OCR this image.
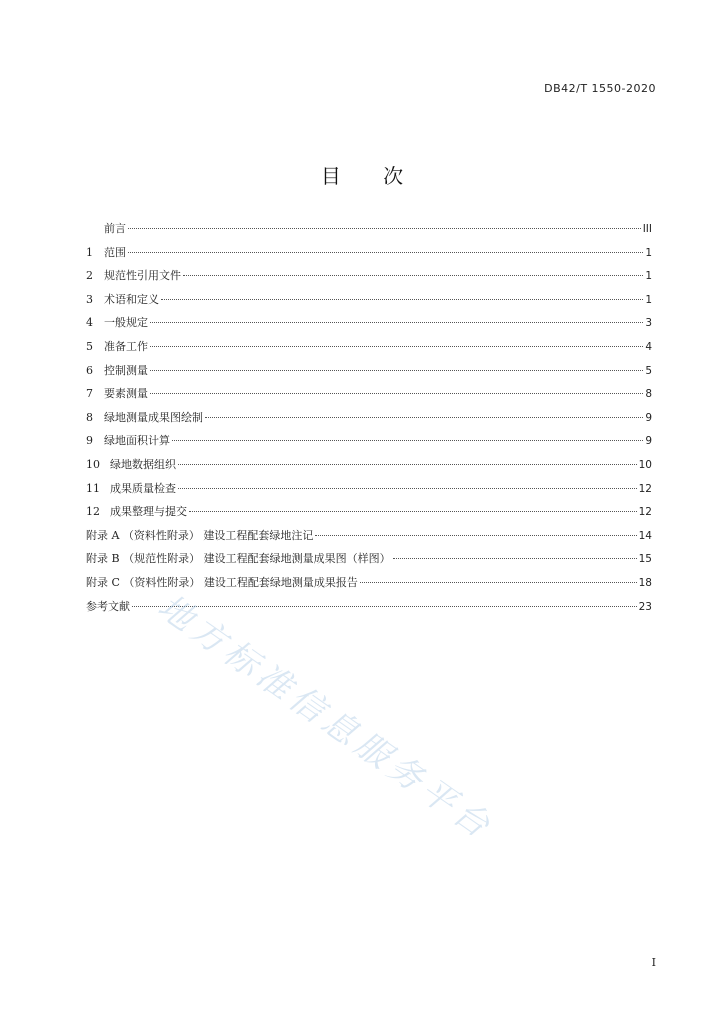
DB42/T 1550-2020
目 次
前言	III
1 范围	1
2 规范性引用文件	1
3 术语和定义	1
4 一般规定	3
5 准备工作	4
6 控制测量	5
7 要素测量	8
8 绿地测量成果图绘制	9
9 绿地面积计算	9
10 绿地数据组织	10
11 成果质量检查	12
12 成果整理与提交	12
附录 A （资料性附录） 建设工程配套绿地注记	14
附录 B （规范性附录） 建设工程配套绿地测量成果图（样图）	15
附录 C （资料性附录） 建设工程配套绿地测量成果报告	18
参考文献	23
地方标准信息服务平台
I
